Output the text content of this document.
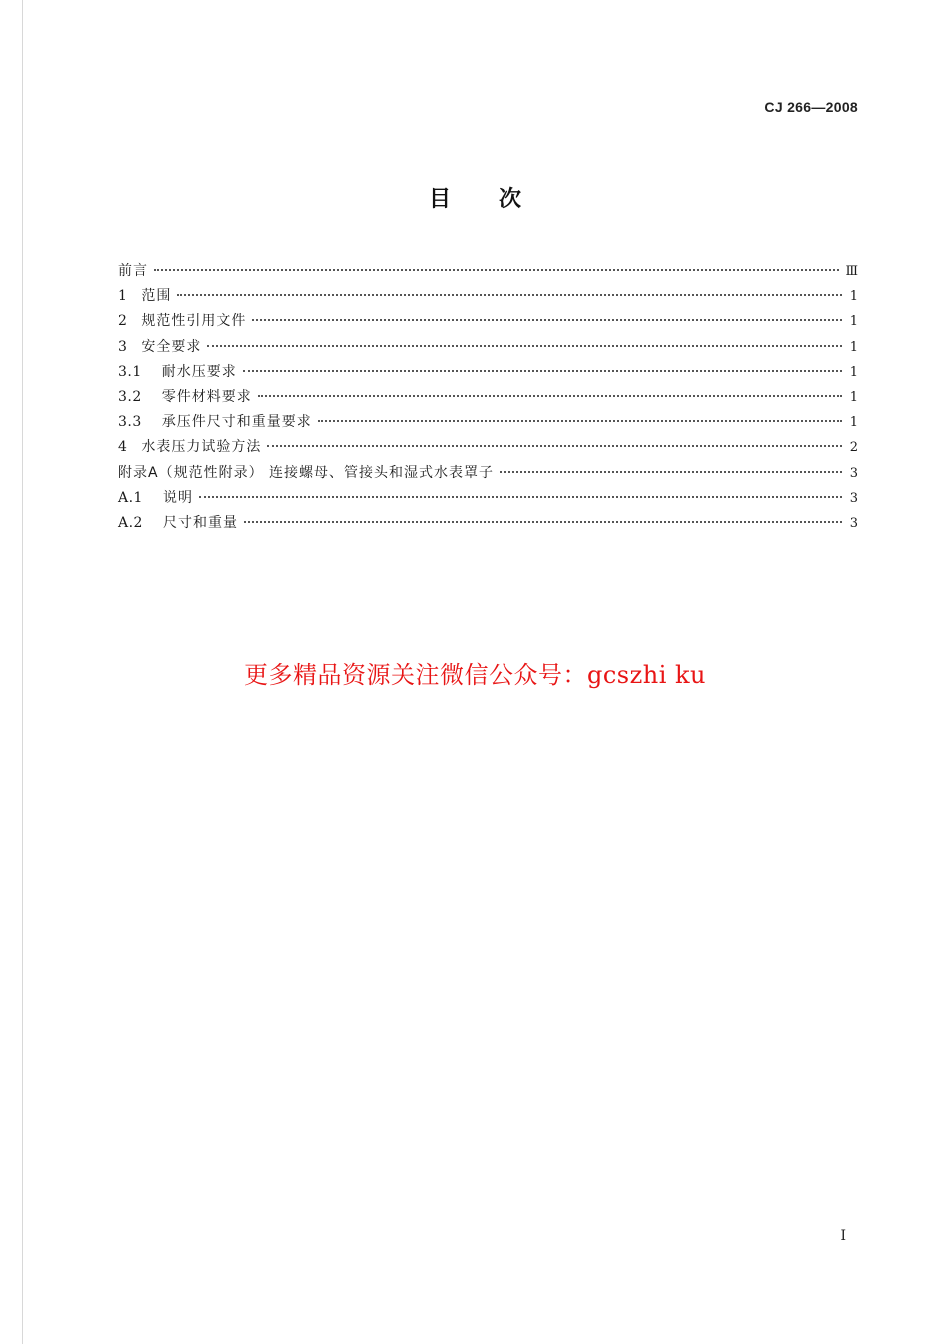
CJ 266—2008
目次
前言	Ⅲ
1 范围	1
2 规范性引用文件	1
3 安全要求	1
3.1 耐水压要求	1
3.2 零件材料要求	1
3.3 承压件尺寸和重量要求	1
4 水表压力试验方法	2
附录A（规范性附录） 连接螺母、管接头和湿式水表罩子	3
A.1 说明	3
A.2 尺寸和重量	3
更多精品资源关注微信公众号：gcszhi ku
I
